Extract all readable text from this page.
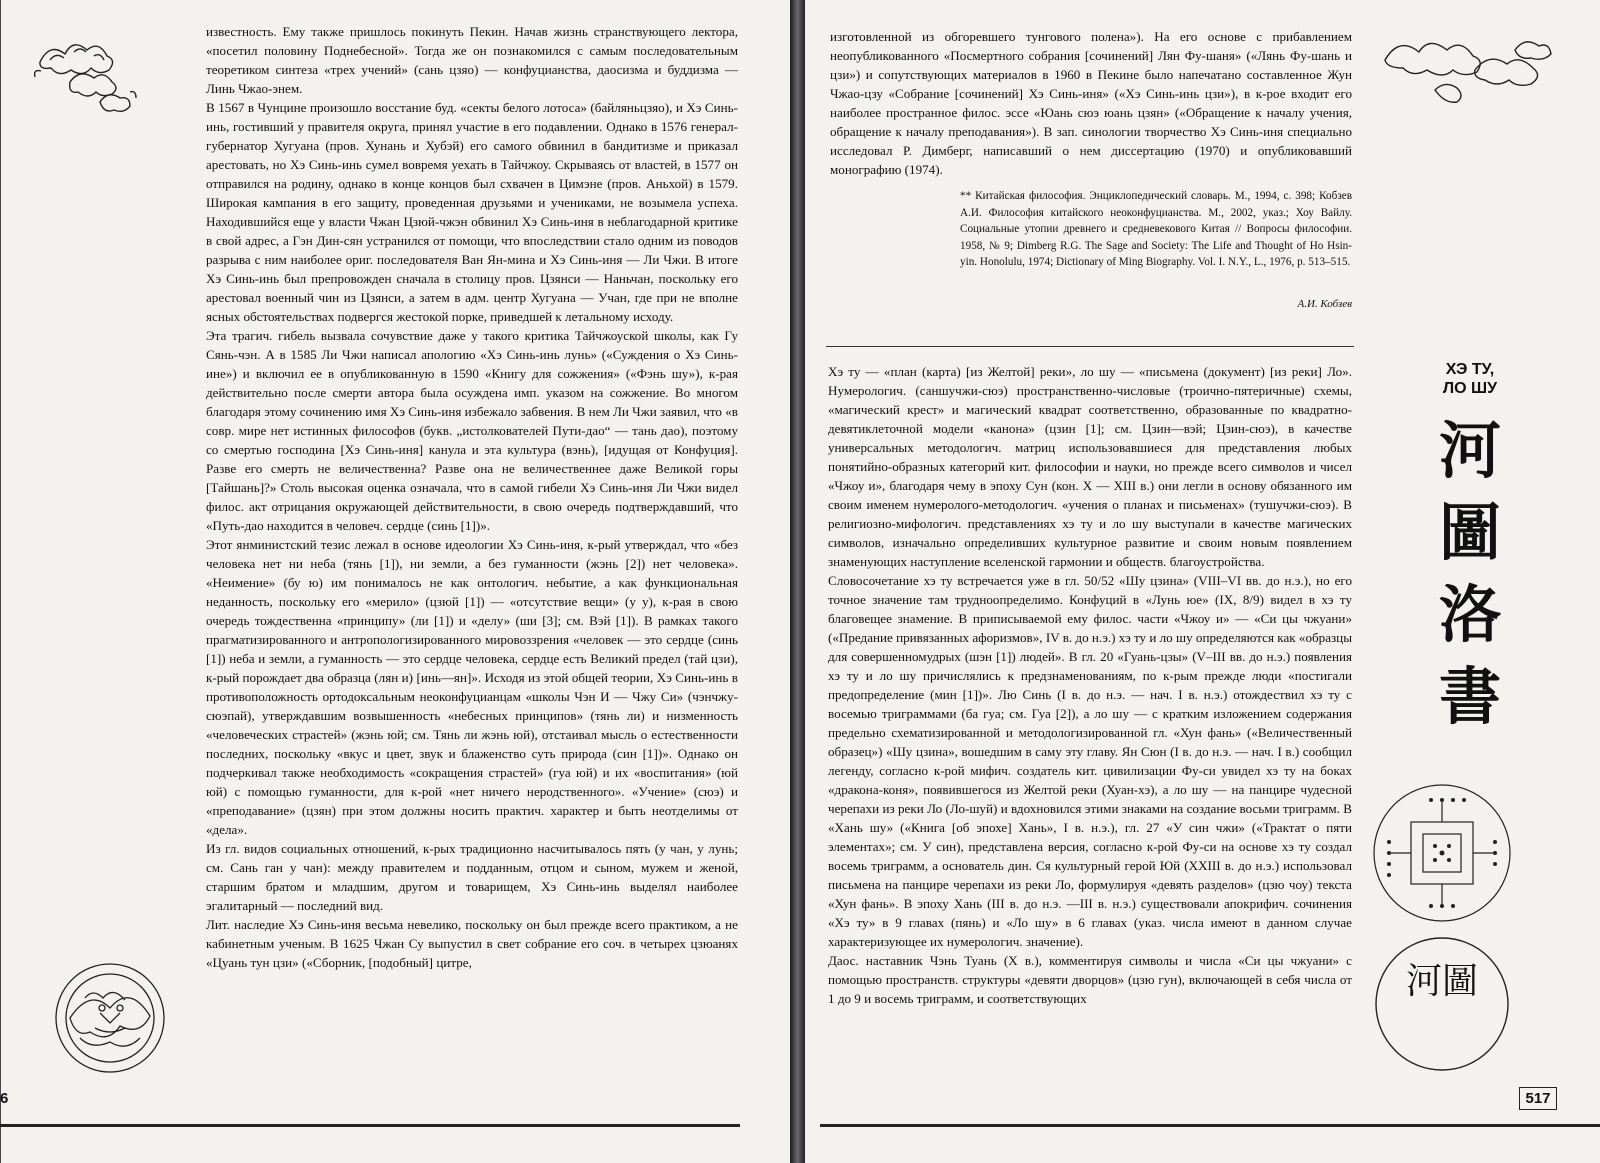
6
河圖
517

известность. Ему также пришлось покинуть Пекин. Начав жизнь странствующего лектора, «посетил половину Поднебесной». Тогда же он познакомился с самым последовательным теоретиком синтеза «трех учений» (сань цзяо) — конфуцианства, даосизма и буддизма — Линь Чжао-энем.

В 1567 в Чунцине произошло восстание буд. «секты белого лотоса» (байляньцзяо), и Хэ Синь-инь, гостивший у правителя округа, принял участие в его подавлении. Однако в 1576 генерал-губернатор Хугуана (пров. Хунань и Хубэй) его самого обвинил в бандитизме и приказал арестовать, но Хэ Синь-инь сумел вовремя уехать в Тайчжоу. Скрываясь от властей, в 1577 он отправился на родину, однако в конце концов был схвачен в Цимэне (пров. Аньхой) в 1579. Широкая кампания в его защиту, проведенная друзьями и учениками, не возымела успеха. Находившийся еще у власти Чжан Цзюй-чжэн обвинил Хэ Синь-иня в неблагодарной критике в свой адрес, а Гэн Дин-сян устранился от помощи, что впоследствии стало одним из поводов разрыва с ним наиболее ориг. последователя Ван Ян-мина и Хэ Синь-иня — Ли Чжи. В итоге Хэ Синь-инь был препровожден сначала в столицу пров. Цзянси — Наньчан, поскольку его арестовал военный чин из Цзянси, а затем в адм. центр Хугуана — Учан, где при не вполне ясных обстоятельствах подвергся жестокой порке, приведшей к летальному исходу.

Эта трагич. гибель вызвала сочувствие даже у такого критика Тайчжоуской школы, как Гу Сянь-чэн. А в 1585 Ли Чжи написал апологию «Хэ Синь-инь лунь» («Суждения о Хэ Синь-ине») и включил ее в опубликованную в 1590 «Книгу для сожжения» («Фэнь шу»), к-рая действительно после смерти автора была осуждена имп. указом на сожжение. Во многом благодаря этому сочинению имя Хэ Синь-иня избежало забвения. В нем Ли Чжи заявил, что «в совр. мире нет истинных философов (букв. „истолкователей Пути-дао“ — тань дао), поэтому со смертью господина [Хэ Синь-иня] канула и эта культура (вэнь), [идущая от Конфуция]. Разве его смерть не величественна? Разве она не величественнее даже Великой горы [Тайшань]?» Столь высокая оценка означала, что в самой гибели Хэ Синь-иня Ли Чжи видел филос. акт отрицания окружающей действительности, в свою очередь подтверждавший, что «Путь-дао находится в человеч. сердце (синь [1])».

Этот янминистский тезис лежал в основе идеологии Хэ Синь-иня, к-рый утверждал, что «без человека нет ни неба (тянь [1]), ни земли, а без гуманности (жэнь [2]) нет человека». «Неимение» (бу ю) им понималось не как онтологич. небытие, а как функциональная неданность, поскольку его «мерило» (цзюй [1]) — «отсутствие вещи» (у у), к-рая в свою очередь тождественна «принципу» (ли [1]) и «делу» (ши [3]; см. Вэй [1]). В рамках такого прагматизированного и антропологизированного мировоззрения «человек — это сердце (синь [1]) неба и земли, а гуманность — это сердце человека, сердце есть Великий предел (тай цзи), к-рый порождает два образца (лян и) [инь—ян]». Исходя из этой общей теории, Хэ Синь-инь в противоположность ортодоксальным неоконфуцианцам «школы Чэн И — Чжу Си» (чэнчжу-сюэпай), утверждавшим возвышенность «небесных принципов» (тянь ли) и низменность «человеческих страстей» (жэнь юй; см. Тянь ли жэнь юй), отстаивал мысль о естественности последних, поскольку «вкус и цвет, звук и блаженство суть природа (син [1])». Однако он подчеркивал также необходимость «сокращения страстей» (гуа юй) и их «воспитания» (юй юй) с помощью гуманности, для к-рой «нет ничего неродственного». «Учение» (сюэ) и «преподавание» (цзян) при этом должны носить практич. характер и быть неотделимы от «дела».

Из гл. видов социальных отношений, к-рых традиционно насчитывалось пять (у чан, у лунь; см. Сань ган у чан): между правителем и подданным, отцом и сыном, мужем и женой, старшим братом и младшим, другом и товарищем, Хэ Синь-инь выделял наиболее эгалитарный — последний вид.

Лит. наследие Хэ Синь-иня весьма невелико, поскольку он был прежде всего практиком, а не кабинетным ученым. В 1625 Чжан Су выпустил в свет собрание его соч. в четырех цзюанях «Цуань тун цзи» («Сборник, [подобный] цитре,

изготовленной из обгоревшего тунгового полена»). На его основе с прибавлением неопубликованного «Посмертного собрания [сочинений] Лян Фу-шаня» («Лянь Фу-шань и цзи») и сопутствующих материалов в 1960 в Пекине было напечатано составленное Жун Чжао-цзу «Собрание [сочинений] Хэ Синь-иня» («Хэ Синь-инь цзи»), в к-рое входит его наиболее пространное филос. эссе «Юань сюэ юань цзян» («Обращение к началу учения, обращение к началу преподавания»). В зап. синологии творчество Хэ Синь-иня специально исследовал Р. Димберг, написавший о нем диссертацию (1970) и опубликовавший монографию (1974).

** Китайская философия. Энциклопедический словарь. М., 1994, с. 398; Кобзев А.И. Философия китайского неоконфуцианства. М., 2002, указ.; Хоу Вайлу. Социальные утопии древнего и средневекового Китая // Вопросы философии. 1958, № 9; Dimberg R.G. The Sage and Society: The Life and Thought of Ho Hsin-yin. Honolulu, 1974; Dictionary of Ming Biography. Vol. I. N.Y., L., 1976, p. 513–515.
А.И. Кобзев
ХЭ ТУ,
ЛО ШУ
河圖洛書

Хэ ту — «план (карта) [из Желтой] реки», ло шу — «письмена (документ) [из реки] Ло». Нумерологич. (саншучжи-сюэ) пространственно-числовые (троично-пятеричные) схемы, «магический крест» и магический квадрат соответственно, образованные по квадратно-девятиклеточной модели «канона» (цзин [1]; см. Цзин—вэй; Цзин-сюэ), в качестве универсальных методологич. матриц использовавшиеся для представления любых понятийно-образных категорий кит. философии и науки, но прежде всего символов и чисел «Чжоу и», благодаря чему в эпоху Сун (кон. X — XIII в.) они легли в основу обязанного им своим именем нумеролого-методологич. «учения о планах и письменах» (тушучжи-сюэ). В религиозно-мифологич. представлениях хэ ту и ло шу выступали в качестве магических символов, изначально определивших культурное развитие и своим новым появлением знаменующих наступление вселенской гармонии и обществ. благоустройства.

Словосочетание хэ ту встречается уже в гл. 50/52 «Шу цзина» (VIII–VI вв. до н.э.), но его точное значение там трудноопределимо. Конфуций в «Лунь юе» (IX, 8/9) видел в хэ ту благовещее знамение. В приписываемой ему филос. части «Чжоу и» — «Си цы чжуани» («Предание привязанных афоризмов», IV в. до н.э.) хэ ту и ло шу определяются как «образцы для совершенномудрых (шэн [1]) людей». В гл. 20 «Гуань-цзы» (V–III вв. до н.э.) появления хэ ту и ло шу причислялись к предзнаменованиям, по к-рым прежде люди «постигали предопределение (мин [1])». Лю Синь (I в. до н.э. — нач. I в. н.э.) отождествил хэ ту с восемью триграммами (ба гуа; см. Гуа [2]), а ло шу — с кратким изложением содержания предельно схематизированной и методологизированной гл. «Хун фань» («Величественный образец») «Шу цзина», вошедшим в саму эту главу. Ян Сюн (I в. до н.э. — нач. I в.) сообщил легенду, согласно к-рой мифич. создатель кит. цивилизации Фу-си увидел хэ ту на боках «дракона-коня», появившегося из Желтой реки (Хуан-хэ), а ло шу — на панцире чудесной черепахи из реки Ло (Ло-шуй) и вдохновился этими знаками на создание восьми триграмм. В «Хань шу» («Книга [об эпохе] Хань», I в. н.э.), гл. 27 «У син чжи» («Трактат о пяти элементах»; см. У син), представлена версия, согласно к-рой Фу-си на основе хэ ту создал восемь триграмм, а основатель дин. Ся культурный герой Юй (XXIII в. до н.э.) использовал письмена на панцире черепахи из реки Ло, формулируя «девять разделов» (цзю чоу) текста «Хун фань». В эпоху Хань (III в. до н.э. —III в. н.э.) существовали апокрифич. сочинения «Хэ ту» в 9 главах (пянь) и «Ло шу» в 6 главах (указ. числа имеют в данном случае характеризующее их нумерологич. значение).

Даос. наставник Чэнь Туань (X в.), комментируя символы и числа «Си цы чжуани» с помощью пространств. структуры «девяти дворцов» (цзю гун), включающей в себя числа от 1 до 9 и восемь триграмм, и соответствующих
